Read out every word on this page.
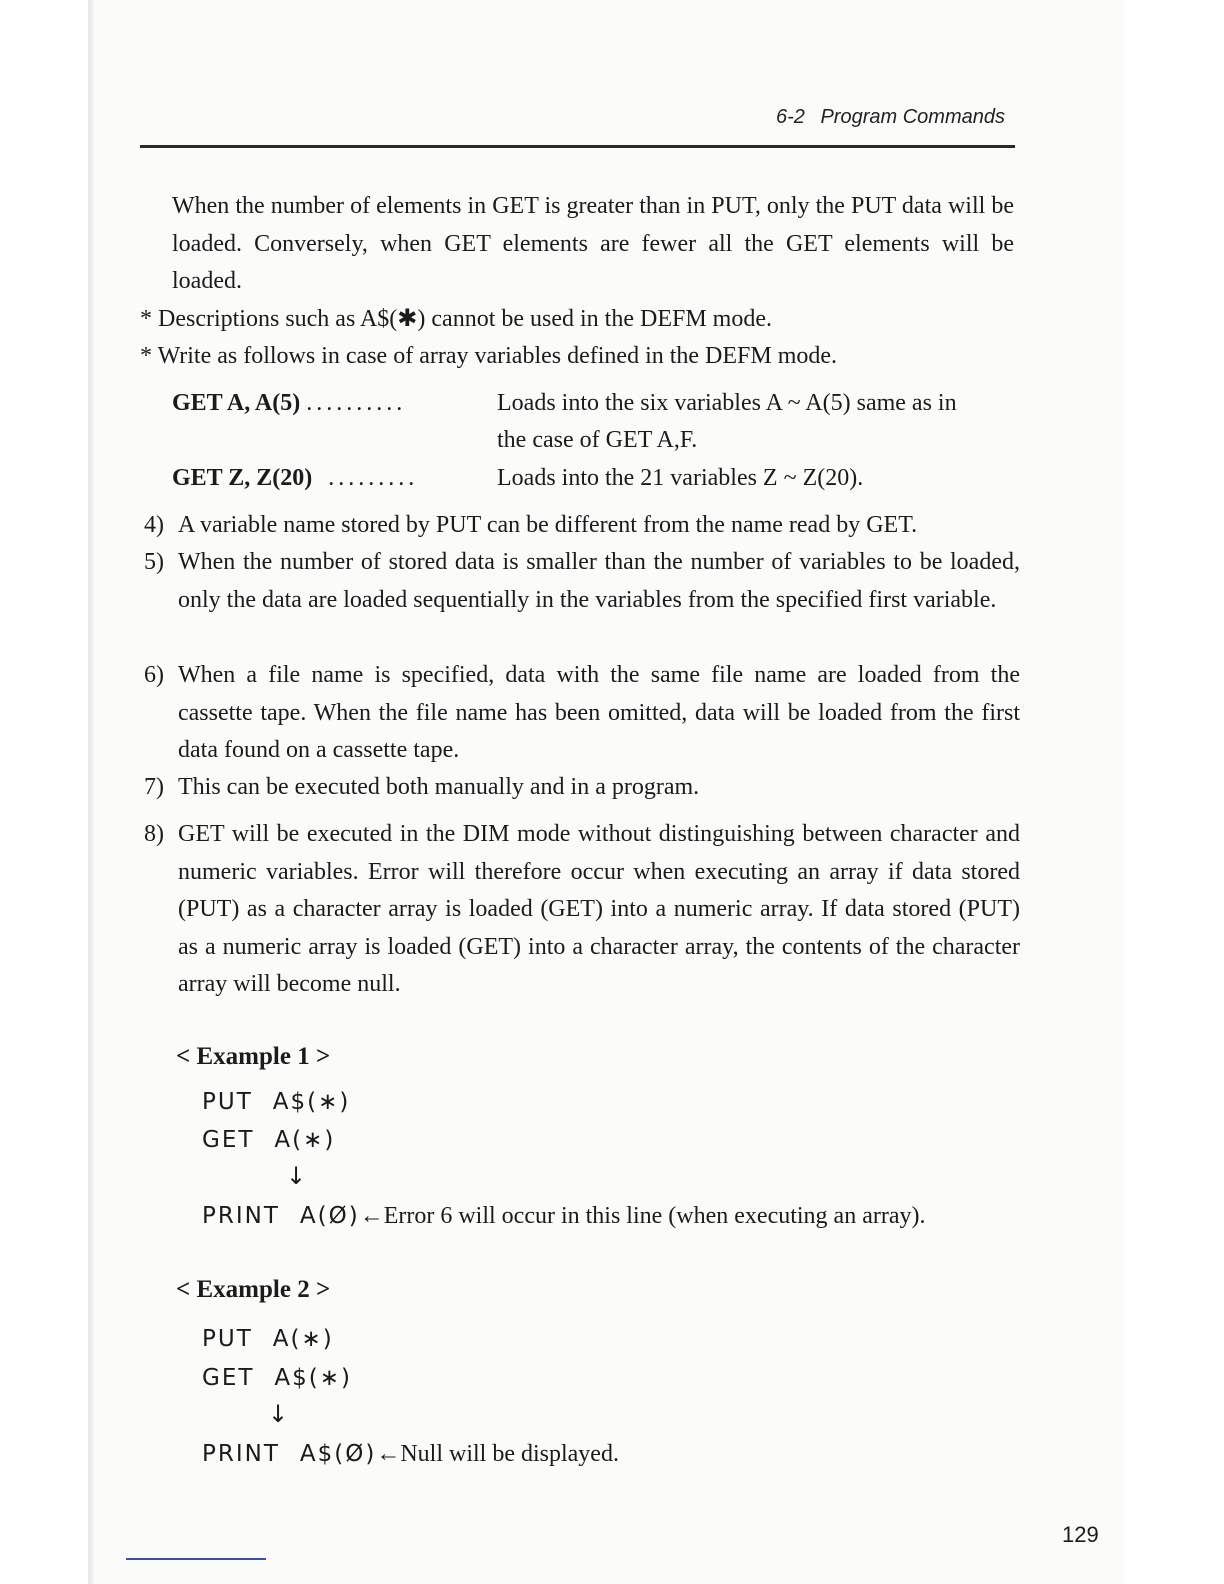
6-2 Program Commands

When the number of elements in GET is greater than in PUT, only the PUT data will be loaded. Conversely, when GET elements are fewer all the GET elements will be loaded.

* Descriptions such as A$(✱) cannot be used in the DEFM mode.

* Write as follows in case of array variables defined in the DEFM mode.

GET A, A(5) ..........	Loads into the six variables A ~ A(5) same as in
the case of GET A,F.
GET Z, Z(20) .........	Loads into the 21 variables Z ~ Z(20).
4) A variable name stored by PUT can be different from the name read by GET.
5) When the number of stored data is smaller than the number of variables to be loaded, only the data are loaded sequentially in the variables from the specified first variable.
6) When a file name is specified, data with the same file name are loaded from the cassette tape. When the file name has been omitted, data will be loaded from the first data found on a cassette tape.
7) This can be executed both manually and in a program.
8) GET will be executed in the DIM mode without distinguishing between character and numeric variables. Error will therefore occur when executing an array if data stored (PUT) as a character array is loaded (GET) into a numeric array. If data stored (PUT) as a numeric array is loaded (GET) into a character array, the contents of the character array will become null.
< Example 1 >
PUT A$(∗)
GET A(∗)
↓
PRINT A(Ø)←Error 6 will occur in this line (when executing an array).
< Example 2 >
PUT A(∗)
GET A$(∗)
↓
PRINT A$(Ø)←Null will be displayed.
129
